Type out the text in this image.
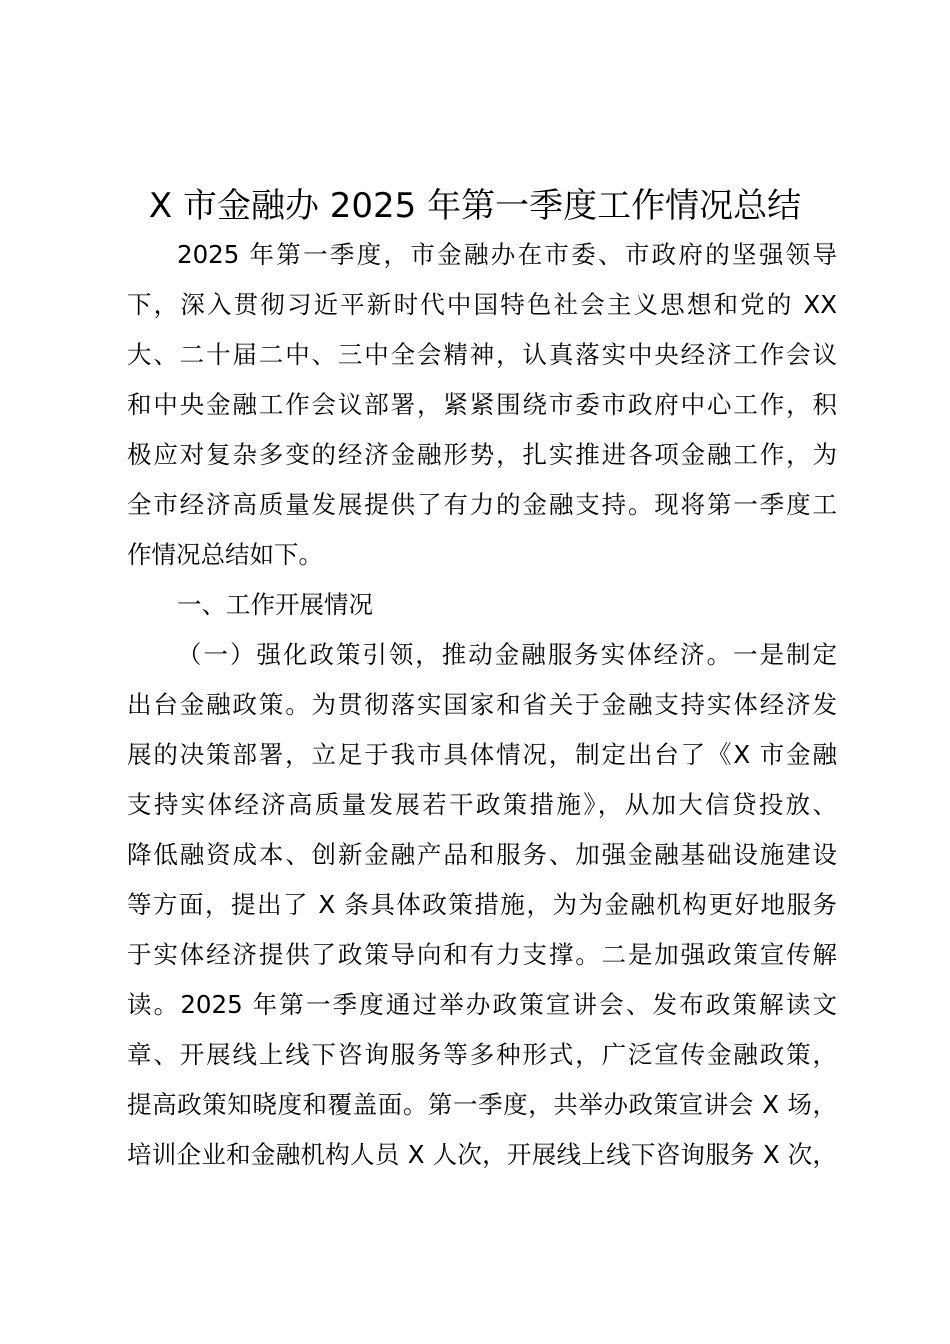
X 市金融办 2025 年第一季度工作情况总结
2025 年第一季度，市金融办在市委、市政府的坚强领导
下，深入贯彻习近平新时代中国特色社会主义思想和党的 XX
大、二十届二中、三中全会精神，认真落实中央经济工作会议
和中央金融工作会议部署，紧紧围绕市委市政府中心工作，积
极应对复杂多变的经济金融形势，扎实推进各项金融工作，为
全市经济高质量发展提供了有力的金融支持。现将第一季度工
作情况总结如下。
一、工作开展情况
（一）强化政策引领，推动金融服务实体经济。一是制定
出台金融政策。为贯彻落实国家和省关于金融支持实体经济发
展的决策部署，立足于我市具体情况，制定出台了《X 市金融
支持实体经济高质量发展若干政策措施》，从加大信贷投放、
降低融资成本、创新金融产品和服务、加强金融基础设施建设
等方面，提出了 X 条具体政策措施，为为金融机构更好地服务
于实体经济提供了政策导向和有力支撑。二是加强政策宣传解
读。2025 年第一季度通过举办政策宣讲会、发布政策解读文
章、开展线上线下咨询服务等多种形式，广泛宣传金融政策，
提高政策知晓度和覆盖面。第一季度，共举办政策宣讲会 X 场，
培训企业和金融机构人员 X 人次，开展线上线下咨询服务 X 次，
